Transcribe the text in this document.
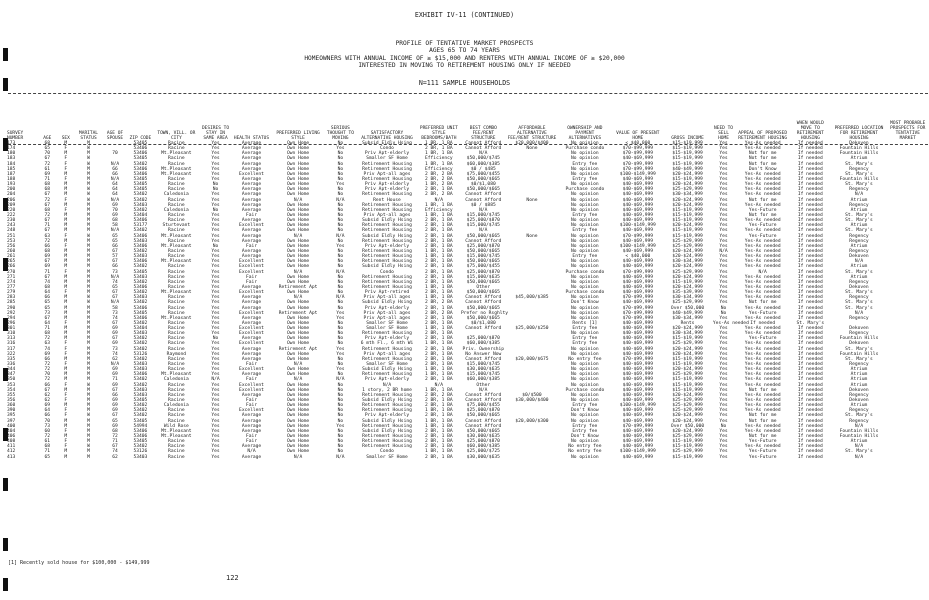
EXHIBIT IV-11 (CONTINUED)
PROFILE OF TENTATIVE MARKET PROSPECTS
AGES 65 TO 74 YEARS
HOMEOWNERS WITH ANNUAL INCOME OF ≥ $15,000 AND RENTERS WITH ANNUAL INCOME OF ≥ $20,000
INTERESTED IN MOVING TO RETIREMENT HOUSING ONLY IF NEEDED
N=111 SAMPLE HOUSEHOLDS
SURVEY NUMBER	AGE	SEX	MARITAL STATUS	AGE OF SPOUSE	ZIP CODE	TOWN, VILL. OR CITY	DESIRES TO STAY IN SAME AREA	HEALTH STATUS	PREFERRED LIVING STYLE	SERIOUS THOUGHT TO MOVING	SATISFACTORY ALTERNATIVE HOUSING	PREFERRED UNIT STYLE BEDROOMS/BATH	BEST COMBO FEE/RENT STRUCTURE	AFFORDABLE ALTERNATIVE FEE/RENT STRUCTURE	OWNERSHIP AND PAYMENT ALTERNATIVES	VALUE OF PRESENT HOME	GROSS INCOME	NEED TO SELL HOME	APPEAL OF PROPOSED RETIREMENT HOUSING	WHEN WOULD MOVE TO RETIREMENT HOUSING	PREFERRED LOCATION FOR RETIREMENT HOUSING	MOST PROBABLE PROSPECTS FOR TENTATIVE MARKET
173	68	M	M		53405	Racine	Yes	Average	Own Home	No	Subsid Eldly Hsing	1 BR, 1 BA	Cannot Afford	$20,000/$400	No opinion	< $40,000	$15-$19,999	Yes	Yes-As needed	If needed	Dekoven	
174	65	F	W		53406	Racine	Yes	Average	Own Home	Yes	Condo	2 BR, 1 BA	Cannot Afford	None	Purchase condo	$70-$99,999	$15-$19,999	Yes	Yes-As needed	If needed	Fountain Hills	
180	70	M	M	70	53406	Mt.Pleasant	Yes	Average	Own Home	No	Priv Apt-elderly	1 BR, 1 BA	N/A		No opinion	$70-$99,999	$15-$19,999	Yes	Not for me	If needed	Fountain Hills	
183	67	F	W		53405	Racine	Yes	Average	Own Home	No	Smaller SF Home	Efficiency	$50,000/$745		No opinion	$40-$69,999	$15-$19,999	Yes	Not for me	If needed	Atrium	
184	72	F	W	N/A	53402	Racine	Yes	Average	Own Home	No	Retirement Housing	1 BR, 1 BA	$60,000/$385		Entry fee	$70-$99,999	$15-$19,999	Yes	Not for me	If needed	St. Mary's	
185	61	F	M	66	53406	Mt.Pleasant	Yes	Average	Own Home	No	Retirement Housing	Efficiency	$0 / $485		No opinion	$70-$99,999	$40-$49,999	Yes	Don't Know	If needed	Regency	
187	69	M	M	66	53406	Mt.Pleasant	Yes	Excellent	Own Home	No	Priv Apt-all ages	2 BR, 2 BA	$75,000/$455		No opinion	$100-$149,999	$20-$24,999	Yes	Yes-As needed	If needed	St. Mary's	
188	71	F	M	N/A	53405	Racine	Yes	Average	Own Home	No	Retirement Housing	2 BR, 2 BA	$50,000/$665		Entry fee	$40-$69,999	$15-$19,999	Yes	Yes-As needed	If needed	Fountain Hills	
193	68	M	M	64	53405	Racine	No	Average	Own Home	Yes	Priv Apt-elderly	1 BR, 2 BA	$0/$1,080		No opinion	$40-$69,999	$20-$24,999	Yes	Yes-As needed	If needed	St. Mary's	
200	68	M	W	64	53405	Racine	No	Average	Own Home	No	Priv Apt-elderly	2 BR, 1 BA	$50,000/$665		Purchase condo	$40-$69,999	$25-$29,999	Yes	Yes-As needed	If needed	Regency	
204	67	M	W	64	53402	Caledonia	Yes	Average	Own Home	No	Retirement Housing	2 BR, 2 BA	Cannot Afford		No opinion	$40-$69,999	$30-$34,999	Yes	Yes-As needed	If needed	N/A	
206	72	F	W	N/A	53402	Racine	Yes	Average	N/A	N/A	Rent House	N/A	Cannot Afford	None	No opinion	$40-$69,999	$20-$24,999	Yes	Not for me	If needed	Atrium	
209	67	M	M	69	53403	Racine	Yes	Average	Own Home	No	Retirement Housing	1 BR, 1 BA	$0 / $885		No opinion	$40-$69,999	$20-$24,999	Yes	Yes-As needed	If needed	Regency	
220	68	F	M	70	53402	Caledonia	No	Average	Own Home	No	Retirement Housing	Efficiency	N/A		No opinion	$40-$69,999	$15-$19,999	Yes	Yes-Future	If needed	Atrium	
222	72	M	M	69	53404	Racine	Yes	Fair	Own Home	No	Priv Apt-all ages	1 BR, 1 BA	$15,000/$745		Entry fee	$40-$69,999	$15-$19,999	Yes	Not for me	If needed	St. Mary's	
230	67	M	M	68	53406	Racine	Yes	Average	Own Home	No	Subsid Eldly Hsing	2 BR, 1 BA	$25,000/$870		No opinion	$40-$69,999	$15-$19,999	Yes	Yes-As needed	If needed	St. Mary's	
243	71	M	M	58	53177	Sturtevant	Yes	Excellent	Own Home	No	Retirement Housing	2 BR, 1 BA	$15,000/$745		No opinion	$100-$149,999	$20-$24,999	Yes	Yes-Future	If needed	Atrium	
248	67	M	M	N/A	53402	Racine	Yes	Average	Own Home	No	Retirement Housing	2 BR, 1 BA	N/A		Entry fee	$40-$69,999	$15-$19,999	Yes	Yes-As needed	If needed	St. Mary's	
251	63	F	W	65	53406	Mt.Pleasant	Yes	Average	N/A	N/A	Subsid Eldly Hsing	2 BR, 1 BA	$50,000/$665	None	No opinion	$70-$99,999	$15-$19,999	Yes	Yes-Future	If needed	Regency	
253	72	M	M	65	53403	Racine	Yes	Average	Own Home	No	Retirement Housing	2 BR, 1 BA	Cannot Afford		No opinion	$40-$69,999	$25-$29,999	Yes	Yes-As needed	If needed	Regency	
256	66	F	M	66	53406	Mt.Pleasant	No	Fair	Own Home	Yes	Priv Apt-elderly	2 BR, 1 BA	$25,000/$870		No opinion	$100-$149,999	$25-$29,999	Yes	Yes-As needed	If needed	Atrium	
260	68	M	M	67	53402	Racine	Yes	Average	Own Home	No	Retirement Housing	1 BR, 1 BA	$50,000/$665		No opinion	$40-$69,999	$20-$24,999	N/A	Yes-As needed	If needed	Regency	
261	69	M	M	57	53403	Racine	Yes	Average	Own Home	No	Retirement Housing	1 BR, 1 BA	$15,000/$745		Entry fee	< $40,000	$20-$24,999	Yes	Yes-As needed	If needed	Dekoven	
265	67	M	M	67	53406	Mt.Pleasant	Yes	Excellent	Own Home	No	Retirement Housing	2 BR, 1 BA	$50,000/$665		No opinion	$40-$69,999	$30-$34,999	Yes	Yes-As needed	If needed	N/A	
266	69	M	M	66	53402	Racine	Yes	Excellent	Own Home	No	Subsid Eldly Hsing	2 BR, 1 BA	$75,000/$455		No opinion	$40-$69,999	$20-$24,999	Yes	Yes-As needed	If needed	Atrium	
270	71	F	M	73	53405	Racine	Yes	Excellent	N/A	N/A	Condo	2 BR, 1 BA	$25,000/$870		Purchase condo	$70-$99,999	$25-$29,999	Yes	N/A	If needed	St. Mary's	
271	67	M	M	N/A	53403	Racine	Yes	Fair	Own Home	No	Retirement Housing	2 BR, 1 BA	$15,000/$635		No opinion	$40-$69,999	$20-$24,999	Yes	Yes-As needed	If needed	Atrium	
274	74	M	M	74	53402	Racine	Yes	Fair	Own Home	No	Retirement Housing	2 BR, 1 BA	$50,000/$665		No opinion	$40-$69,999	$15-$19,999	Yes	Yes-As needed	If needed	Regency	
277	68	M	M	65	53406	Racine	Yes	Average	Retirement Apt	No	Retirement Housing	1 BR, 1 BA	Other		No opinion	$40-$69,999	$20-$24,999	Yes	Yes-As needed	If needed	Dekoven	
279	64	F	M	67	53402	Mt.Pleasant	Yes	Excellent	Own Home	No	Priv Apt-retired	2 BR, 1 BA	$50,000/$665		Purchase condo	$40-$69,999	$35-$39,999	Yes	Yes-As needed	If needed	St. Mary's	
283	66	M	W	67	53403	Racine	Yes	Average	N/A	N/A	Priv Apt-all ages	1 BR, 1 BA	Cannot Afford	$45,000/$385	No opinion	$70-$99,999	$30-$34,999	Yes	Yes-As needed	If needed	Regency	
285	65	M	W	N/A	53402	Racine	Yes	Average	Own Home	No	Subsid Eldly Hsing	2 BR, 2 BA	Cannot Afford		Don't Know	$40-$69,999	$25-$29,999	Yes	Not for me	If needed	St. Mary's	
290	65	M	M	58	53406	Racine	Yes	Average	Own Home	No	Priv Apt-elderly	2 BR, 1 BA	$50,000/$665		No opinion	$70-$99,999	Over $50,000	No	Yes-As needed	If needed	St. Mary's	
292	73	M	M	73	53405	Racine	Yes	Excellent	Retirement Apt	Yes	Priv Apt-all ages	2 BR, 2 BA	Prefer no Rsghlty		No opinion	$70-$99,999	$40-$49,999	No	Yes-Future	If needed	N/A	
294	67	M	M	74	53406	Mt.Pleasant	Yes	Average	Own Home	Yes	Priv Apt-all ages	2 BR, 1 BA	$50,000/$665		No opinion	$70-$99,999	$30-$34,999	Yes	Yes-As needed	If needed	Regency	
296	64	F	M	67	53402	Racine	Yes	Average	Own Home	No	Smaller SF Home	2 BR, 1 BA	$0/$1,080		Rents [1]	$40-$69,999	Rents	Yes-As needed	If needed	St. Mary's		
301	71	M	M	69	53404	Racine	Yes	Excellent	Own Home	No	Smaller SF Home	1 BR, 1 BA	Cannot Afford	$25,000/$250	Entry fee	$40-$69,999	$20-$24,999	Yes	Yes-As needed	If needed	Dekoven	
310	68	M	M	69	53403	Racine	Yes	Excellent	Own Home	No	Retirement Housing	2 BR, 1 BA			No opinion	$40-$69,999	$30-$34,999	Yes	Yes-As needed	If needed	Regency	
313	72	M	M	67	53402	Racine	No	Average	Own Home	No	Priv Apt-elderly	2 BR, 1 BA	$25,000/$870		Entry fee	$40-$69,999	$15-$19,999	Yes	Yes-Future	If needed	Fountain Hills	
316	63	F	M	69	53402	Racine	Yes	Excellent	Own Home	No	6 mth Fl., 6 mth Wi	1 BR, 1 BA	$60,000/$385		Entry fee	$40-$69,999	$25-$29,999	Yes	Yes-As needed	If needed	Dekoven	
317	74	F	M	73	53402	Racine	Yes	Average	Retirement Apt	Yes	Retirement Housing	2 BR, 1 BA	Priv. Ownership		No opinion	$40-$69,999	$20-$24,999	Yes	Yes-As needed	If needed	St. Mary's	
322	69	F	M	74	53126	Raymond	Yes	Average	Own Home	Yes	Priv Apt-all ages	2 BR, 1 BA	No Answer Now		No opinion	$40-$69,999	$20-$24,999	Yes	Yes-As needed	If needed	Fountain Hills	
335	66	M	M	62	53402	Racine	Yes	Average	Own Home	No	Retirement Housing	2 BR, 1 BA	Cannot Afford	$20,000/$675	No entry fee	$70-$99,999	$15-$19,999	Yes	Yes-As needed	If needed	St. Mary's	
336	72	F	M	N/A	53403	Racine	Yes	Fair	N/A	No	Smaller SF Home	2 BR, 1 BA	$15,000/$745		No opinion	$40-$69,999	$15-$19,999	Yes	Yes-As needed	If needed	Regency	
344	72	M	M	69	53403	Racine	Yes	Excellent	Own Home	Yes	Subsid Eldly Hsing	1 BR, 1 BA	$30,000/$635		No opinion	$40-$69,999	$20-$24,999	Yes	Yes-As needed	If needed	Atrium	
347	70	M	M	69	53406	Mt.Pleasant	Yes	Average	Own Home	No	Retirement Housing	1 BR, 1 BA	$15,000/$745		No opinion	$40-$69,999	$25-$29,999	Yes	Yes-As needed	If needed	Atrium	
350	72	M	M	71	53402	Caledonia	N/A	Fair	N/A	N/A	Priv Apt-elderly	2 BR, 1 BA	$60,000/$385		No opinion	$40-$69,999	$15-$19,999	Yes	Yes-As needed	If needed	Atrium	
353	66	F	W	69	53402	Racine	Yes	Excellent	Own Home	No	N/A	N/A	Other		No opinion	$40-$69,999	$15-$19,999	Yes	Yes-As needed	If needed	Atrium	
354	67	M	M	67	53403	Racine	Yes	Excellent	Own Home	No	1 story, 2 BR home	1 BR, 1 BA	N/A		Purchase condo	$40-$69,999	$15-$19,999	Yes	Not for me	If needed	Dekoven	
355	62	F	M	66	53403	Racine	Yes	Average	Own Home	No	Retirement Housing	2 BR, 2 BA	Cannot Afford	$0/$500	No opinion	$40-$69,999	$20-$24,999	Yes	Yes-As needed	If needed	Regency	
356	62	F	M	69	53405	Racine	Yes	Fair	Own Home	No	Subsid Eldly Hsing	2 BR, 1 BA	Cannot Afford	$30,000/$400	No opinion	$40-$69,999	$25-$29,999	Yes	Yes-As needed	If needed	Dekoven	
360	69	M	M	69	53402	Caledonia	Yes	Fair	Own Home	No	Retirement Housing	2 BR, 1 BA	$75,000/$455		Entry fee	$100-$149,999	$25-$29,999	Yes	Yes-As needed	If needed	Atrium	
390	64	F	M	69	53402	Racine	Yes	Excellent	Own Home	No	Retirement Housing	1 BR, 1 BA	$25,000/$870		Don't Know	$40-$69,999	$25-$29,999	Yes	Yes-As needed	If needed	Regency	
395	66	F	W	67	53402	Racine	Yes	Average	Own Home	No	Priv Apt-elderly	2 BR, 1 BA	$50,000/$665		No opinion	$40-$69,999	$20-$24,999	Yes	Not for me	If needed	St. Mary's	
397	70	M	M	65	53405	Racine	Yes	Average	Own Home	No	Subsid Eldly Hsing	1 BR, 1 BA	Cannot Afford	$20,000/$300	No opinion	$40-$69,999	$20-$24,999	Yes	Not for me	If needed	Regency	
400	73	M	M	69	54994	Wild Rose	Yes	Average	Own Home	Yes	Retirement Housing	1 BR, 1 BA	Cannot Afford		Entry fee	$70-$99,999	Over $50,000	No	Yes-As needed	If needed	N/A	
404	60	F	M	68	53406	Mt.Pleasant	Yes	Average	Own Home	No	Subsid Eldly Hsing	2 BR, 1 BA	$50,000/$665		Entry fee	$40-$69,999	$20-$24,999	Yes	Yes-As needed	If needed	Fountain Hills	
406	72	M	M	72	53406	Mt.Pleasant	Yes	Fair	Own Home	No	Retirement Housing	2 BR, 1 BA	$30,000/$635		Don't Know	$40-$69,999	$25-$29,999	Yes	Not for me	If needed	Fountain Hills	
408	61	F	M	71	53405	Racine	Yes	Fair	Own Home	No	Retirement Housing	2 BR, 1 BA	$25,000/$870		No opinion	$40-$69,999	$15-$19,999	Yes	Yes-Future	If needed	Atrium	
411	68	F	W	67	53402	Racine	Yes	Average	Own Home	No	Retirement Housing	2 BR, 1 BA	$60,000/$385		No entry fee	$40-$69,999	$15-$19,999	Yes	Yes-As needed	If needed	N/A	
412	71	M	M	74	53126	Racine	Yes	N/A	Own Home	No	Condo	1 BR, 1 BA	$25,000/$725		No entry fee	$100-$149,999	$25-$29,999	Yes	Yes-Future	If needed	St. Mary's	
413	65	M	M	62	53403	Racine	Yes	Average	N/A	N/A	Smaller SF Home	2 BR, 1 BA	$30,000/$635		No opinion	$40-$69,999	$15-$19,999	Yes	Yes-Future	If needed	N/A	
[1] Recently sold house for $100,000 - $149,999
122
